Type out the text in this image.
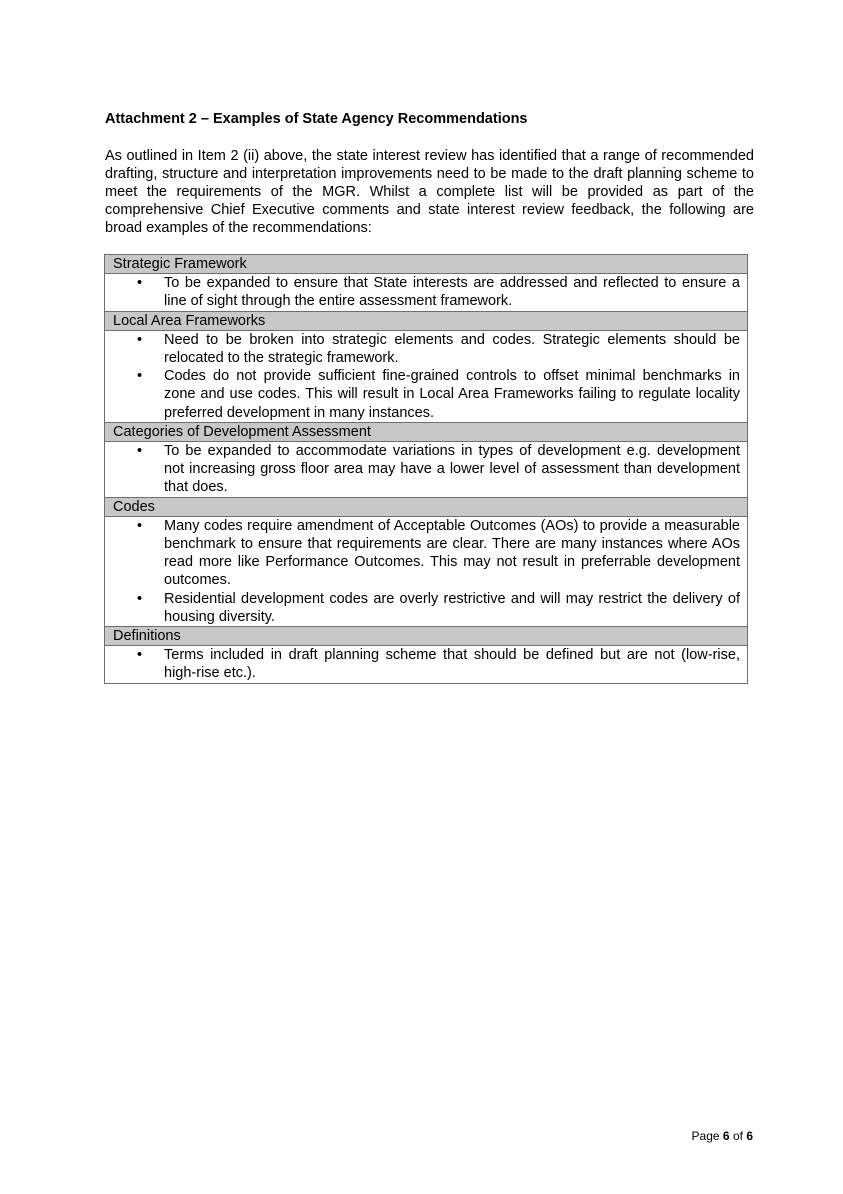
Attachment 2 – Examples of State Agency Recommendations

As outlined in Item 2 (ii) above, the state interest review has identified that a range of recommended drafting, structure and interpretation improvements need to be made to the draft planning scheme to meet the requirements of the MGR. Whilst a complete list will be provided as part of the comprehensive Chief Executive comments and state interest review feedback, the following are broad examples of the recommendations:

Strategic Framework

• To be expanded to ensure that State interests are addressed and reflected to ensure a line of sight through the entire assessment framework.

Local Area Frameworks

• Need to be broken into strategic elements and codes. Strategic elements should be relocated to the strategic framework.
• Codes do not provide sufficient fine-grained controls to offset minimal benchmarks in zone and use codes. This will result in Local Area Frameworks failing to regulate locality preferred development in many instances.

Categories of Development Assessment

• To be expanded to accommodate variations in types of development e.g. development not increasing gross floor area may have a lower level of assessment than development that does.

Codes

• Many codes require amendment of Acceptable Outcomes (AOs) to provide a measurable benchmark to ensure that requirements are clear. There are many instances where AOs read more like Performance Outcomes. This may not result in preferrable development outcomes.
• Residential development codes are overly restrictive and will may restrict the delivery of housing diversity.

Definitions

• Terms included in draft planning scheme that should be defined but are not (low-rise, high-rise etc.).
Page 6 of 6
